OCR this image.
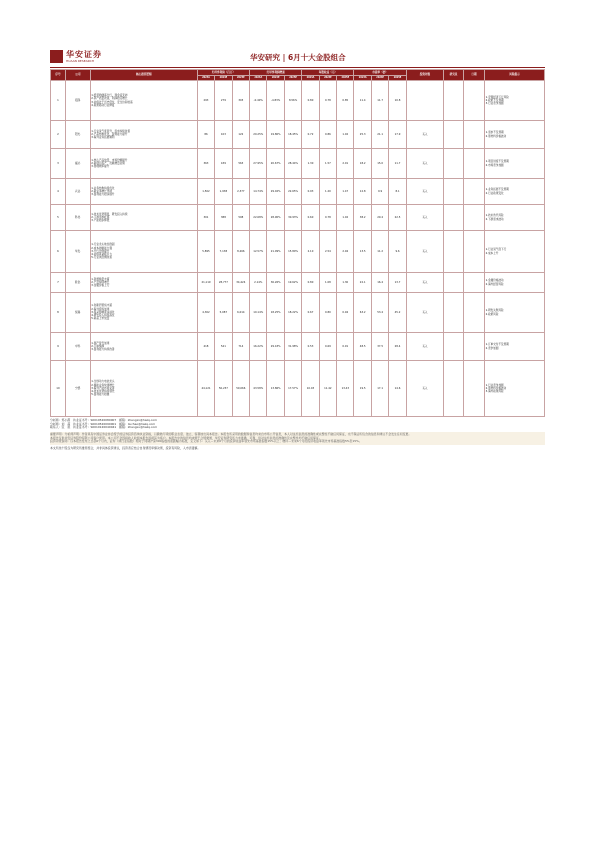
华安证券
HUAAN RESEARCH	华安研究 | 6月十大金股组合
序号	公司	核心推荐逻辑	归母净利润（百万）			归母净利润增速			每股收益（元）			市盈率（倍）			投资评级	研究员	日期	风险提示
			2023A	2024E	2025E	2023A	2024E	2025E	2023A	2024E	2025E	2023A	2024E	2025E				
1	招商·	1.经营稳健高分红，现金流充沛
2.资产质量改善，利润稳定增长
3.估值处于历史低位，安全边际较高
4.政策驱动行业修复	293	279	303	-0.40%	-4.83%	8.56%	0.80	0.78	0.85	11.4	11.7	10.8				1.宏观经济下行风险
2.政策不及预期
3.行业竞争加剧
2	阳光·	1.行业景气度回升，需求持续改善
2.产品结构优化，盈利能力提升
3.海外业务拓展顺利	86	103	122	20.25%	19.80%	18.45%	0.72	0.86	1.02	25.3	21.1	17.9	买入			1.需求不及预期
2.原材料价格波动
3	福达·	1.核心产品放量，市场份额提升
2.新项目投产，贡献增量业绩
3.管理效率提升	363	439	563	27.95%	20.67%	28.44%	1.30	1.57	2.01	18.2	15.0	11.7	买入			1.项目进度不及预期
2.市场竞争加剧
4	兴业·	1.业务结构持续优化
2.新业务增长迅速
3.盈利能力稳步提升	1,502	1,938	2,377	14.74%	29.02%	22.65%	0.93	1.20	1.47	12.8	9.9	8.1	买入			1.业务拓展不及预期
2.行业政策变化
5	科技·	1.技术优势明显，研发投入持续
2.下游需求旺盛
3.产能稳步释放	301	388	508	22.68%	28.90%	30.93%	0.60	0.78	1.02	38.2	29.4	22.5	买入			1.技术迭代风险
2.下游需求波动
6	华发·	1.行业龙头地位稳固
2.成本控制能力强
3.分红比例提升
4.估值具备吸引力
5.行业供给侧改善	5,895	7,138	8,266	12.57%	21.09%	15.80%	2.10	2.54	2.94	13.5	11.2	9.6	买入			1.行业景气度下行
2.成本上升
7	紫金·	1.资源储量丰富
2.产量持续增长
3.金属价格上行	21,119	28,777	34,424	2.14%	36.26%	19.62%	0.80	1.08	1.30	22.1	16.4	13.7	买入			1.金属价格波动
2.海外经营风险
8	恒瑞·	1.创新药管线丰富
2.海外授权加速
3.集采影响逐步消化
4.研发投入持续高位
5.新品上市放量	4,302	5,087	6,014	10.14%	18.25%	18.22%	0.67	0.80	0.94	63.2	53.4	45.2	买入			1.研发失败风险
2.政策风险
9	中科·	1.国产替代加速
2.订单饱满
3.盈利能力持续改善	418	541	714	16.22%	29.43%	31.98%	0.53	0.69	0.91	48.5	37.5	28.4	买入			1.订单交付不及预期
2.竞争加剧
10	宁德·	1.全球动力电池龙头
2.储能业务快速增长
3.海外产能布局完善
4.技术优势持续领先
5.盈利能力稳健	44,121	50,237	59,066	43.58%	13.86%	17.57%	10.03	11.42	13.43	19.5	17.1	14.6	买入			1.行业竞争加剧
2.原材料价格波动
3.海外政策风险
分析师：郑小霞　执业证书号：S0010520080007　邮箱：zhengxx@hazq.com
分析师：刘　超　执业证书号：S0010520090001　邮箱：liuchao@hazq.com
联系人：张　旭　执业证书号：S0010120040041　邮箱：zhangxu@hazq.com

重要声明：分析师声明：作者具有中国证券业协会授予的证券投资咨询执业资格，以勤勉尽责的职业态度、独立、客观地出具本报告。本报告所采用的数据和信息均来自市场公开信息，本人对这些信息的准确性或完整性不做任何保证，也不保证所包含的信息和建议不会发生任何变更。

本报告仅供华安证券股份有限公司客户使用。本公司不会因接收人收到本报告而视其为客户。本报告中的信息均来源于合规渠道，华安证券研究所力求准确、可靠，但对这些信息的准确性及完整性均不做任何保证。

投资评级说明：以本报告发布之日起6个月内，证券（或行业指数）相对于同期沪深300指数的涨跌幅为标准，定义如下：买入—未来6个月的投资收益率领先市场基准指数15%以上；增持—未来6个月的投资收益率领先市场基准指数5%至15%。

本文所选个股仅为研究所推荐组合，并非具体投资建议，投资者应结合自身情况审慎决策，投资有风险，入市需谨慎。
